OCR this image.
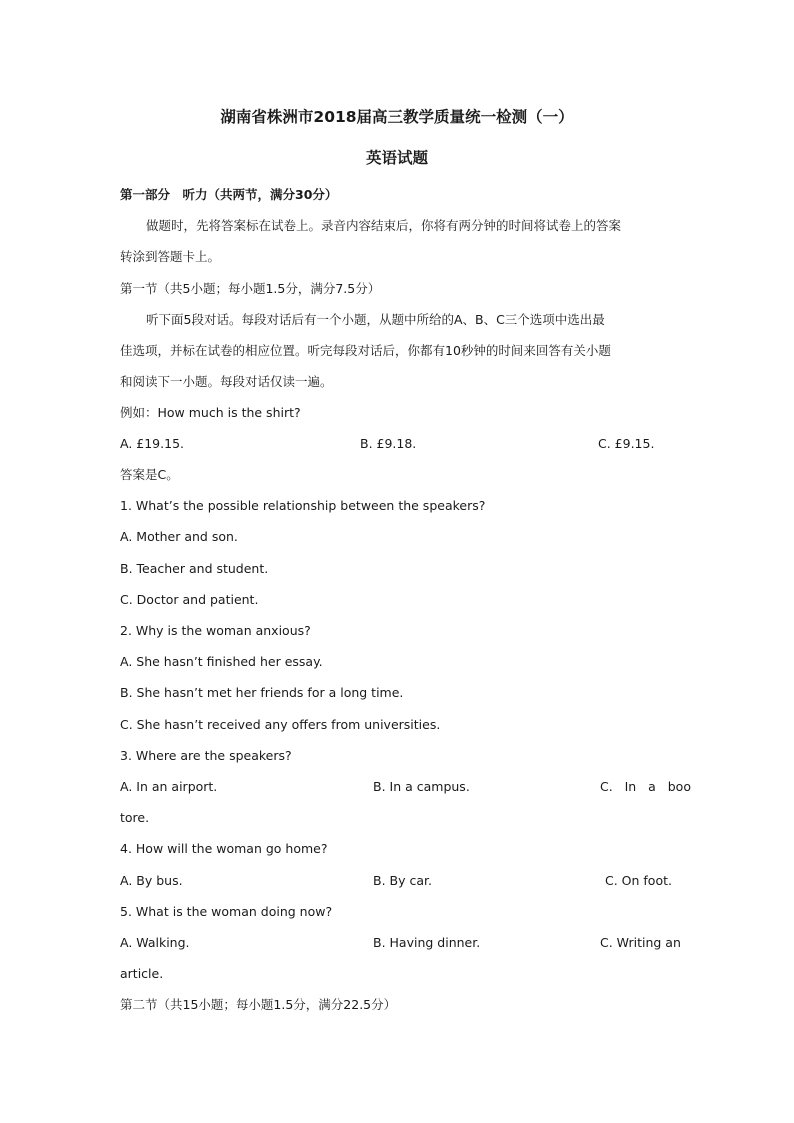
湖南省株洲市2018届高三教学质量统一检测（一）
英语试题
第一部分　听力（共两节，满分30分）
做题时，先将答案标在试卷上。录音内容结束后，你将有两分钟的时间将试卷上的答案
转涂到答题卡上。
第一节（共5小题；每小题1.5分，满分7.5分）
听下面5段对话。每段对话后有一个小题，从题中所给的A、B、C三个选项中选出最
佳选项，并标在试卷的相应位置。听完每段对话后，你都有10秒钟的时间来回答有关小题
和阅读下一小题。每段对话仅读一遍。
例如：How much is the shirt?
A. £19.15.	B. £9.18.	C. £9.15.
答案是C。
1. What’s the possible relationship between the speakers?
A. Mother and son.
B. Teacher and student.
C. Doctor and patient.
2. Why is the woman anxious?
A. She hasn’t finished her essay.
B. She hasn’t met her friends for a long time.
C. She hasn’t received any offers from universities.
3. Where are the speakers?
A. In an airport.	B. In a campus.	C.   In   a   boo
tore.
4. How will the woman go home?
A. By bus.	B. By car.	C. On foot.
5. What is the woman doing now?
A. Walking.	B. Having dinner.	C. Writing an
article.
第二节（共15小题；每小题1.5分，满分22.5分）
